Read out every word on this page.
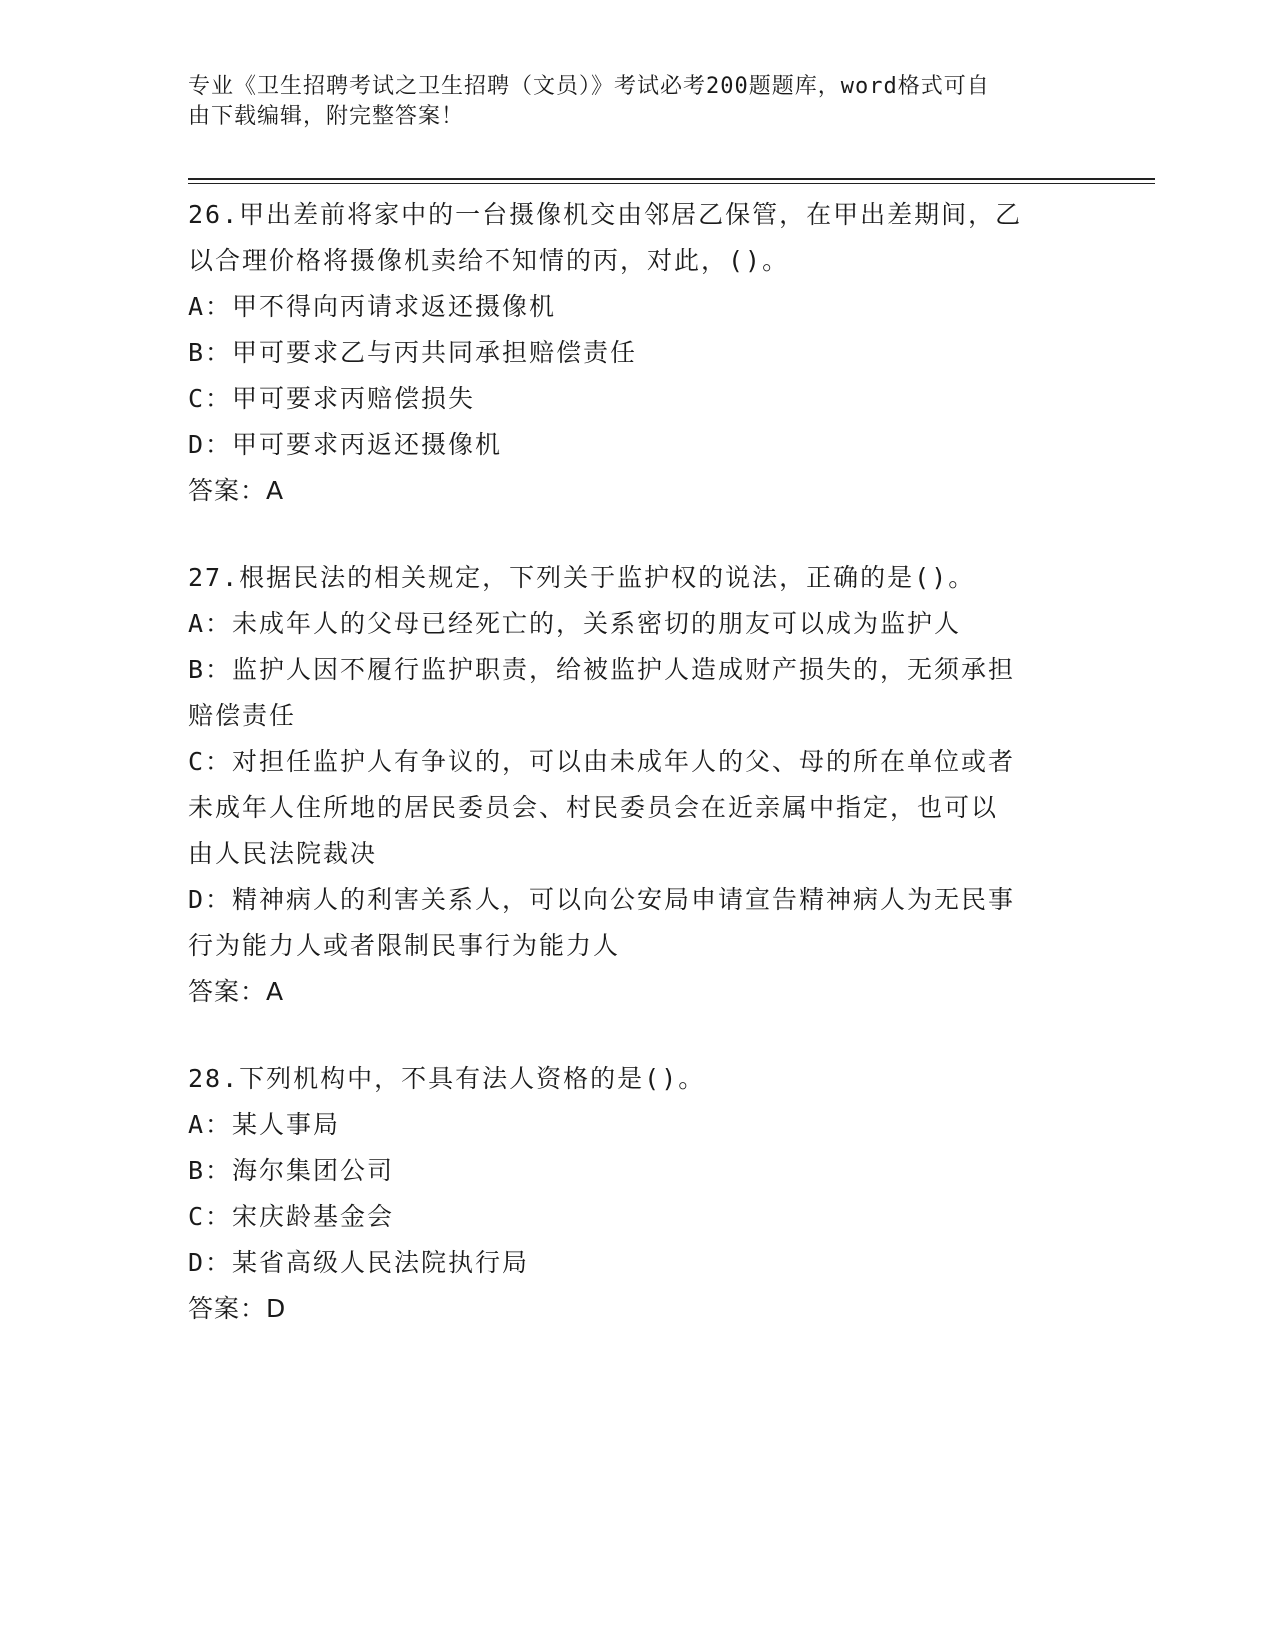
专业《卫生招聘考试之卫生招聘（文员）》考试必考200题题库，word格式可自
由下载编辑，附完整答案！
26.甲出差前将家中的一台摄像机交由邻居乙保管，在甲出差期间，乙
以合理价格将摄像机卖给不知情的丙，对此，()。
A：甲不得向丙请求返还摄像机
B：甲可要求乙与丙共同承担赔偿责任
C：甲可要求丙赔偿损失
D：甲可要求丙返还摄像机
答案：A
27.根据民法的相关规定，下列关于监护权的说法，正确的是()。
A：未成年人的父母已经死亡的，关系密切的朋友可以成为监护人
B：监护人因不履行监护职责，给被监护人造成财产损失的，无须承担
赔偿责任
C：对担任监护人有争议的，可以由未成年人的父、母的所在单位或者
未成年人住所地的居民委员会、村民委员会在近亲属中指定，也可以
由人民法院裁决
D：精神病人的利害关系人，可以向公安局申请宣告精神病人为无民事
行为能力人或者限制民事行为能力人
答案：A
28.下列机构中，不具有法人资格的是()。
A：某人事局
B：海尔集团公司
C：宋庆龄基金会
D：某省高级人民法院执行局
答案：D
